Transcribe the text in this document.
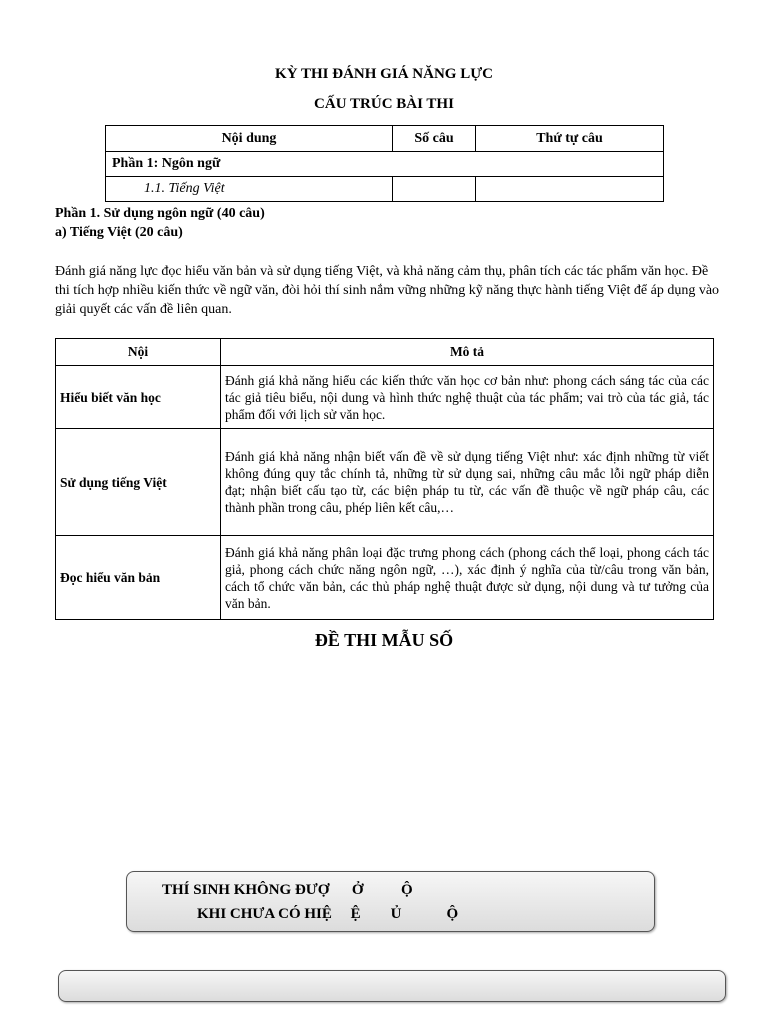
KỲ THI ĐÁNH GIÁ NĂNG LỰC
CẤU TRÚC BÀI THI
Nội dung	Số câu	Thứ tự câu
Phần 1: Ngôn ngữ		
1.1. Tiếng Việt		
Phần 1. Sử dụng ngôn ngữ (40 câu)
a) Tiếng Việt (20 câu)
Đánh giá năng lực đọc hiểu văn bản và sử dụng tiếng Việt, và khả năng cảm thụ, phân tích các tác phẩm văn học. Đề thi tích hợp nhiều kiến thức về ngữ văn, đòi hỏi thí sinh nắm vững những kỹ năng thực hành tiếng Việt để áp dụng vào giải quyết các vấn đề liên quan.
Nội	Mô tả
Hiểu biết văn học	Đánh giá khả năng hiểu các kiến thức văn học cơ bản như: phong cách sáng tác của các tác giả tiêu biểu, nội dung và hình thức nghệ thuật của tác phẩm; vai trò của tác giả, tác phẩm đối với lịch sử văn học.
Sử dụng tiếng Việt	Đánh giá khả năng nhận biết vấn đề về sử dụng tiếng Việt như: xác định những từ viết không đúng quy tắc chính tả, những từ sử dụng sai, những câu mắc lỗi ngữ pháp diễn đạt; nhận biết cấu tạo từ, các biện pháp tu từ, các vấn đề thuộc về ngữ pháp câu, các thành phần trong câu, phép liên kết câu,…
Đọc hiểu văn bản	Đánh giá khả năng phân loại đặc trưng phong cách (phong cách thể loại, phong cách tác giả, phong cách chức năng ngôn ngữ, …), xác định ý nghĩa của từ/câu trong văn bản, cách tổ chức văn bản, các thủ pháp nghệ thuật được sử dụng, nội dung và tư tưởng của văn bản.
ĐỀ THI MẪU SỐ
THÍ SINH KHÔNG ĐƯỢ      Ở          Ộ
KHI CHƯA CÓ HIỆ     Ệ        Ủ            Ộ
